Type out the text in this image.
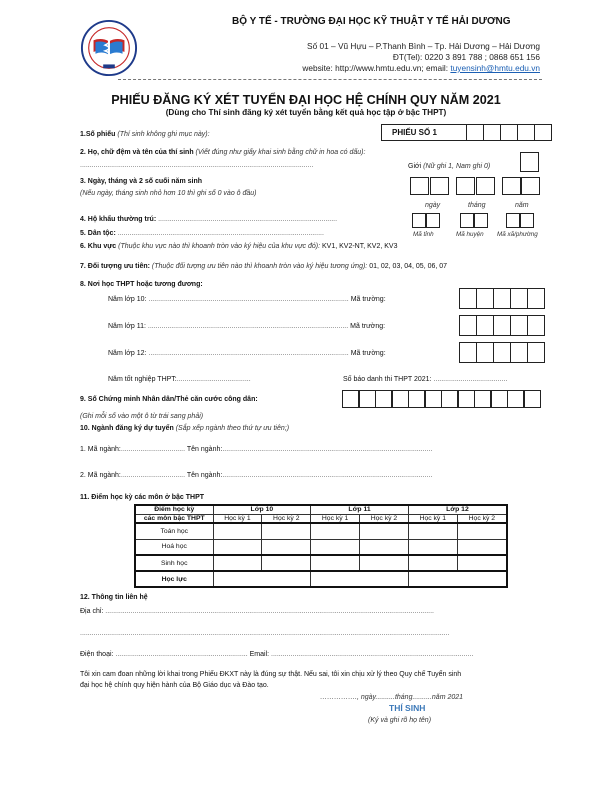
BỘ Y TẾ - TRƯỜNG ĐẠI HỌC KỸ THUẬT Y TẾ HẢI DƯƠNG
Số 01 – Vũ Hựu – P.Thanh Bình – Tp. Hải Dương – Hải Dương
ĐT(Tel): 0220 3 891 788 ; 0868 651 156
website: http://www.hmtu.edu.vn; email: tuyensinh@hmtu.edu.vn
PHIẾU ĐĂNG KÝ XÉT TUYỂN ĐẠI HỌC HỆ CHÍNH QUY NĂM 2021
(Dùng cho Thí sinh đăng ký xét tuyển bằng kết quả học tập ở bậc THPT)
1.Số phiếu (Thí sinh không ghi mục này):	PHIẾU SỐ 1
2. Họ, chữ đệm và tên của thí sinh (Viết đúng như giấy khai sinh bằng chữ in hoa có dấu):
........................................................................................................................	Giới (Nữ ghi 1, Nam ghi 0)
3. Ngày, tháng và 2 số cuối năm sinh
(Nếu ngày, tháng sinh nhỏ hơn 10 thì ghi số 0 vào ô đầu)
ngày	tháng	năm
4. Hộ khẩu thường trú: ............................................................................................
Mã tỉnh	Mã huyện Mã xã/phường
5. Dân tộc: ..........................................................................................................
6. Khu vực (Thuộc khu vực nào thì khoanh tròn vào ký hiệu của khu vực đó): KV1, KV2-NT, KV2, KV3
7. Đối tượng ưu tiên: (Thuộc đối tượng ưu tiên nào thì khoanh tròn vào ký hiệu tương ứng): 01, 02, 03, 04, 05, 06, 07
8. Nơi học THPT hoặc tương đương:
Năm lớp 10: ....................................................................................................... Mã trường:
Năm lớp 11: ....................................................................................................... Mã trường:
Năm lớp 12: ....................................................................................................... Mã trường:
Năm tốt nghiệp THPT:......................................	Số báo danh thi THPT 2021: ......................................
9. Số Chứng minh Nhân dân/Thẻ căn cước công dân:
(Ghi mỗi số vào một ô từ trái sang phải)
10. Ngành đăng ký dự tuyển (Sắp xếp ngành theo thứ tự ưu tiên;)
1. Mã ngành:................................. Tên ngành:............................................................................................................
2. Mã ngành:................................. Tên ngành:............................................................................................................
11. Điểm học kỳ các môn ở bậc THPT
Điểm học kỳ	Lớp 10		Lớp 11		Lớp 12	
các môn bậc THPT	Học kỳ 1	Học kỳ 2	Học kỳ 1	Học kỳ 2	Học kỳ 1	Học kỳ 2
Toán học						
Hoá học						
Sinh học						
Học lực						
12. Thông tin liên hệ
Địa chỉ: .........................................................................................................................................................................
..............................................................................................................................................................................................
Điện thoại: .................................................................... Email: ........................................................................................................
Tôi xin cam đoan những lời khai trong Phiếu ĐKXT này là đúng sự thật. Nếu sai, tôi xin chịu xử lý theo Quy chế Tuyển sinh
đại học hệ chính quy hiện hành của Bộ Giáo dục và Đào tạo.
……………., ngày..........tháng..........năm 2021
THÍ SINH
(Ký và ghi rõ họ tên)
